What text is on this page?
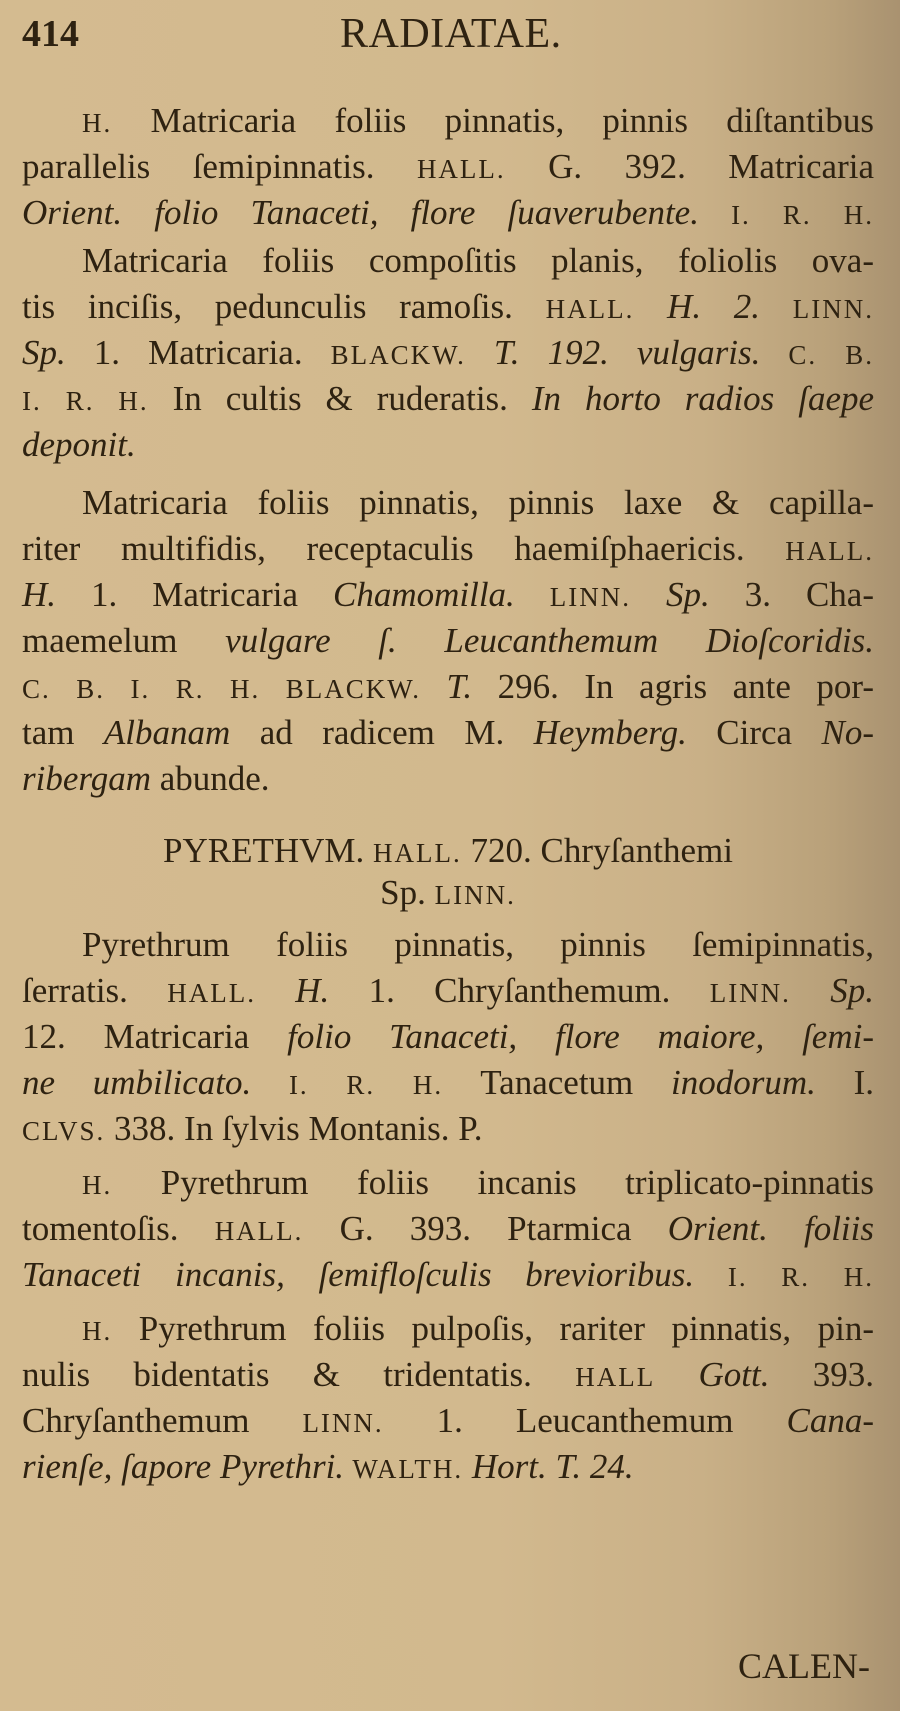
414	RADIATAE.
H. Matricaria foliis pinnatis, pinnis diſtantibus
parallelis ſemipinnatis. HALL. G. 392. Matricaria
Orient. folio Tanaceti, flore ſuaverubente. I. R. H.
Matricaria foliis compoſitis planis, foliolis ova-
tis inciſis, pedunculis ramoſis. HALL. H. 2. LINN.
Sp. 1. Matricaria. BLACKW. T. 192. vulgaris. C. B.
I. R. H. In cultis & ruderatis. In horto radios ſaepe
deponit.
Matricaria foliis pinnatis, pinnis laxe & capilla-
riter multifidis, receptaculis haemiſphaericis. HALL.
H. 1. Matricaria Chamomilla. LINN. Sp. 3. Cha-
maemelum vulgare ſ. Leucanthemum Dioſcoridis.
C. B. I. R. H. BLACKW. T. 296. In agris ante por-
tam Albanam ad radicem M. Heymberg. Circa No-
ribergam abunde.
PYRETHVM. HALL. 720. Chryſanthemi
Sp. LINN.
Pyrethrum foliis pinnatis, pinnis ſemipinnatis,
ſerratis. HALL. H. 1. Chryſanthemum. LINN. Sp.
12. Matricaria folio Tanaceti, flore maiore, ſemi-
ne umbilicato. I. R. H. Tanacetum inodorum. I.
CLVS. 338. In ſylvis Montanis. P.
H. Pyrethrum foliis incanis triplicato-pinnatis
tomentoſis. HALL. G. 393. Ptarmica Orient. foliis
Tanaceti incanis, ſemifloſculis brevioribus. I. R. H.
H. Pyrethrum foliis pulpoſis, rariter pinnatis, pin-
nulis bidentatis & tridentatis. HALL Gott. 393.
Chryſanthemum LINN. 1. Leucanthemum Cana-
rienſe, ſapore Pyrethri. WALTH. Hort. T. 24.
CALEN-
